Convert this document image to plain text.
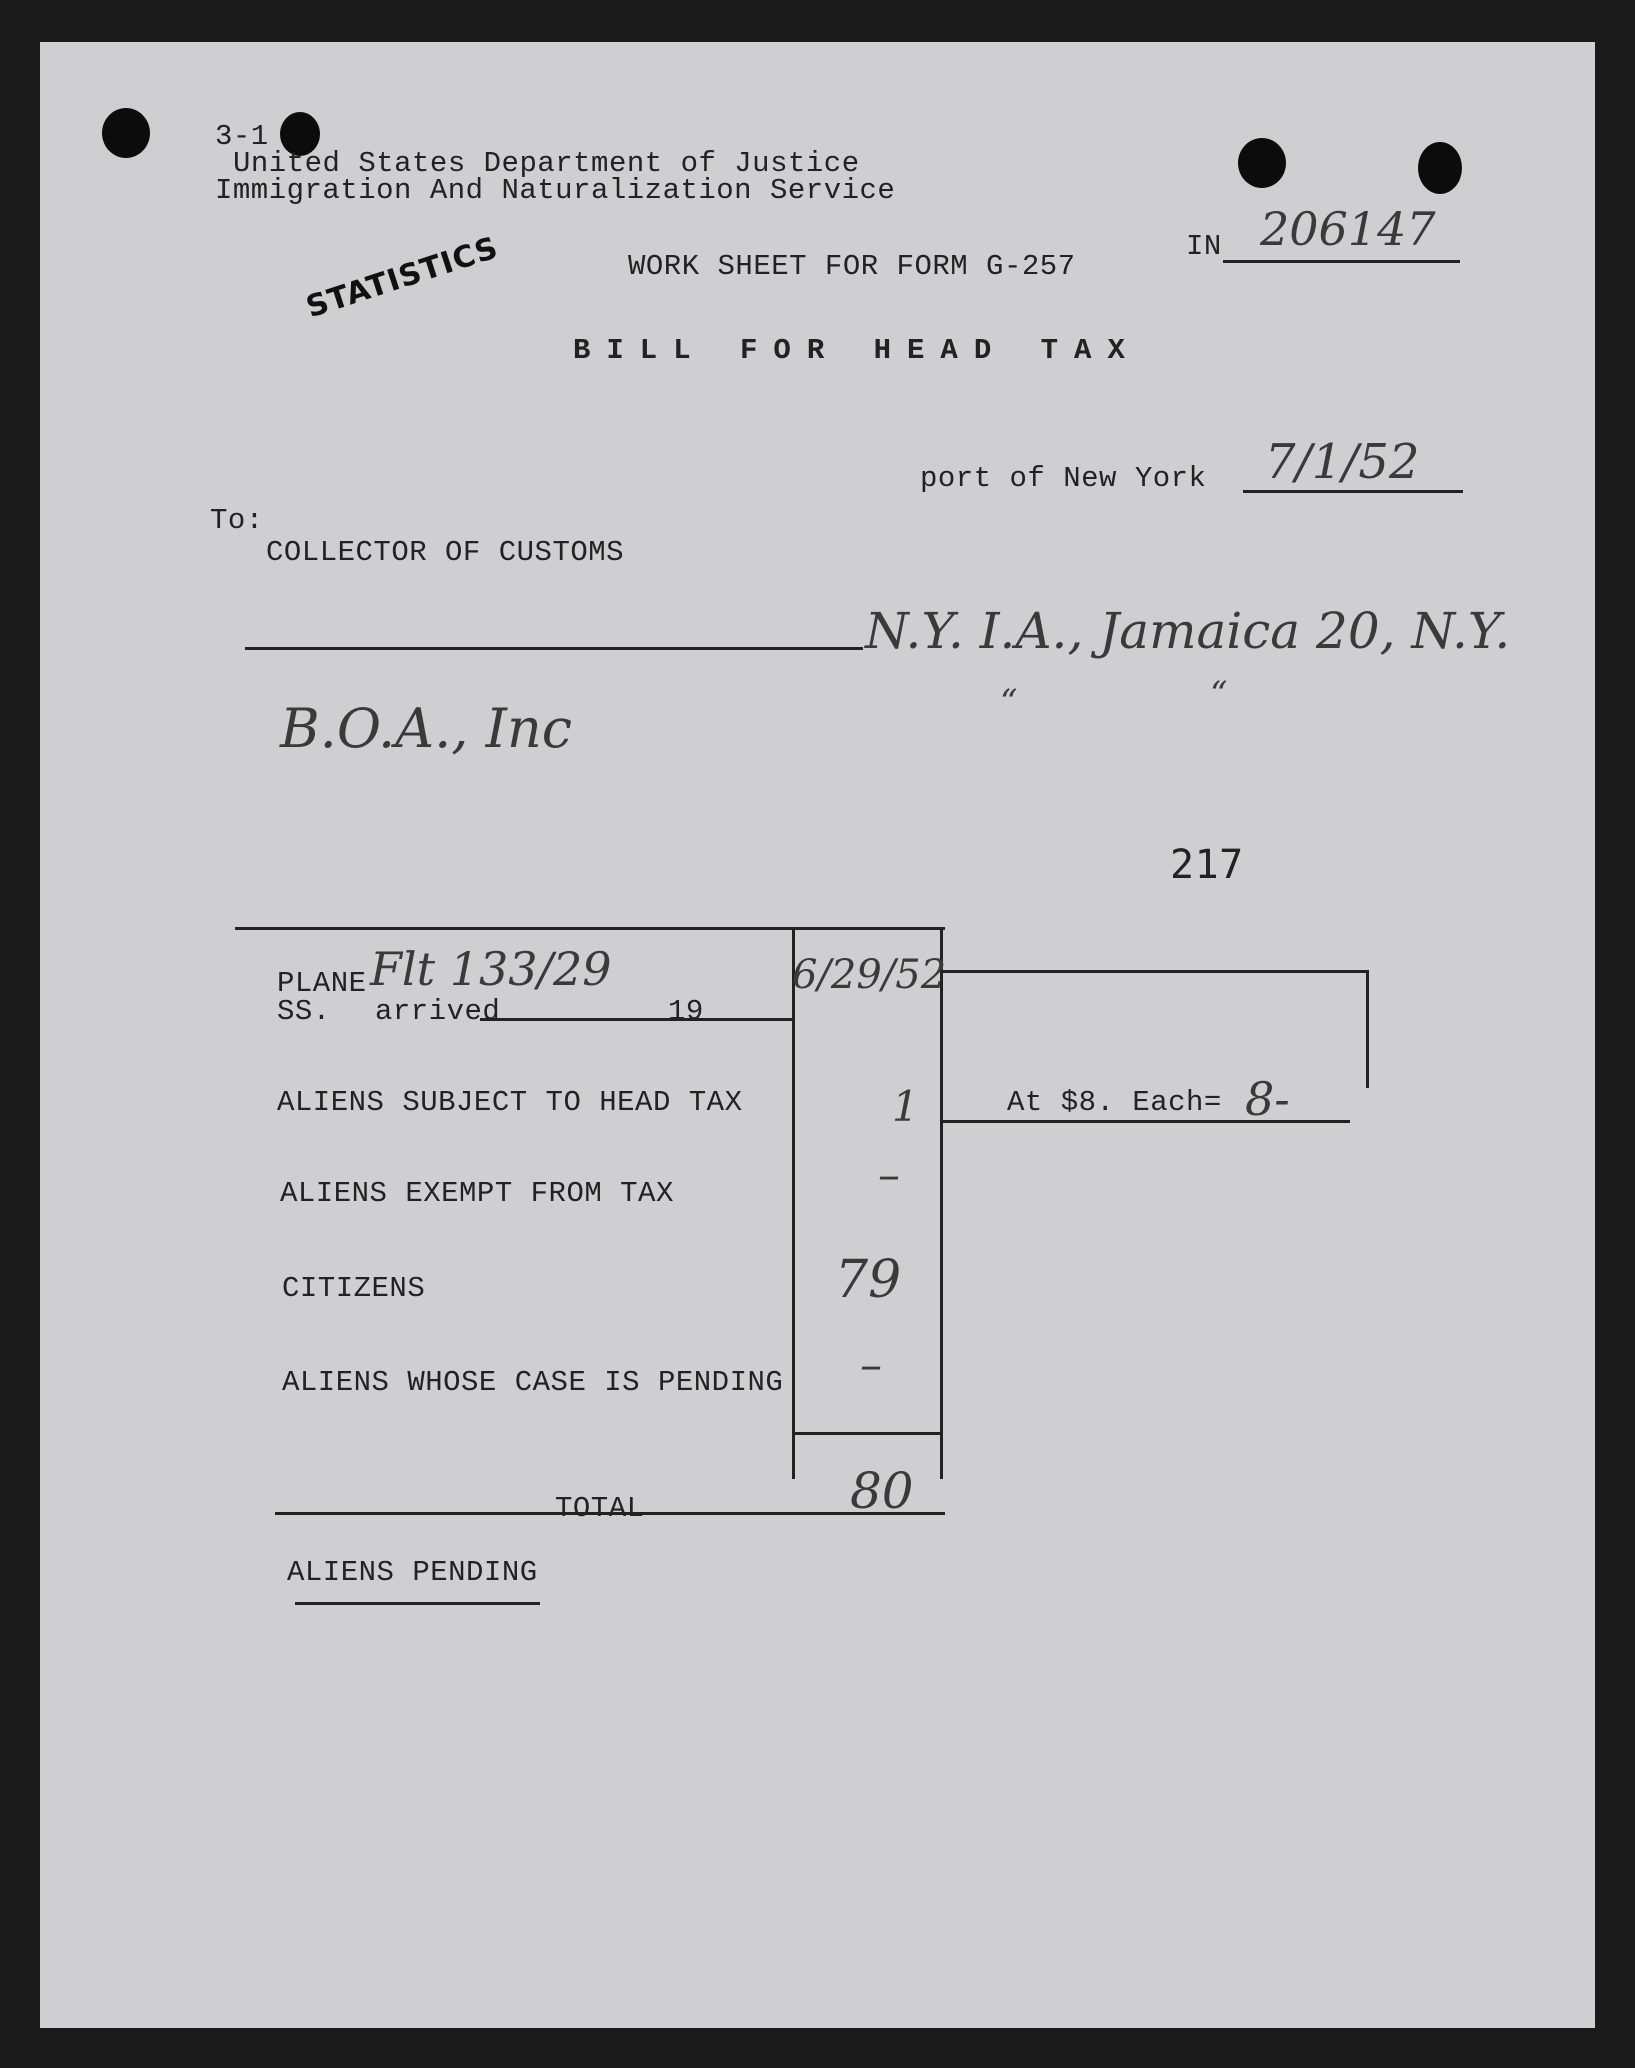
3-1
United States Department of Justice
Immigration And Naturalization Service
STATISTICS	WORK SHEET FOR FORM G-257
IN 206147
BILL FOR HEAD TAX
port of New York 7/1/52
To:
COLLECTOR OF CUSTOMS
N.Y. I.A., Jamaica 20, N.Y.
“	“
B.O.A., Inc
217
PLANE Flt 133/29
SS. arrived	19
6/29/52
ALIENS SUBJECT TO HEAD TAX	1	At $8. Each= 8-
ALIENS EXEMPT FROM TAX	–
CITIZENS	79
ALIENS WHOSE CASE IS PENDING –
TOTAL	80
ALIENS PENDING
